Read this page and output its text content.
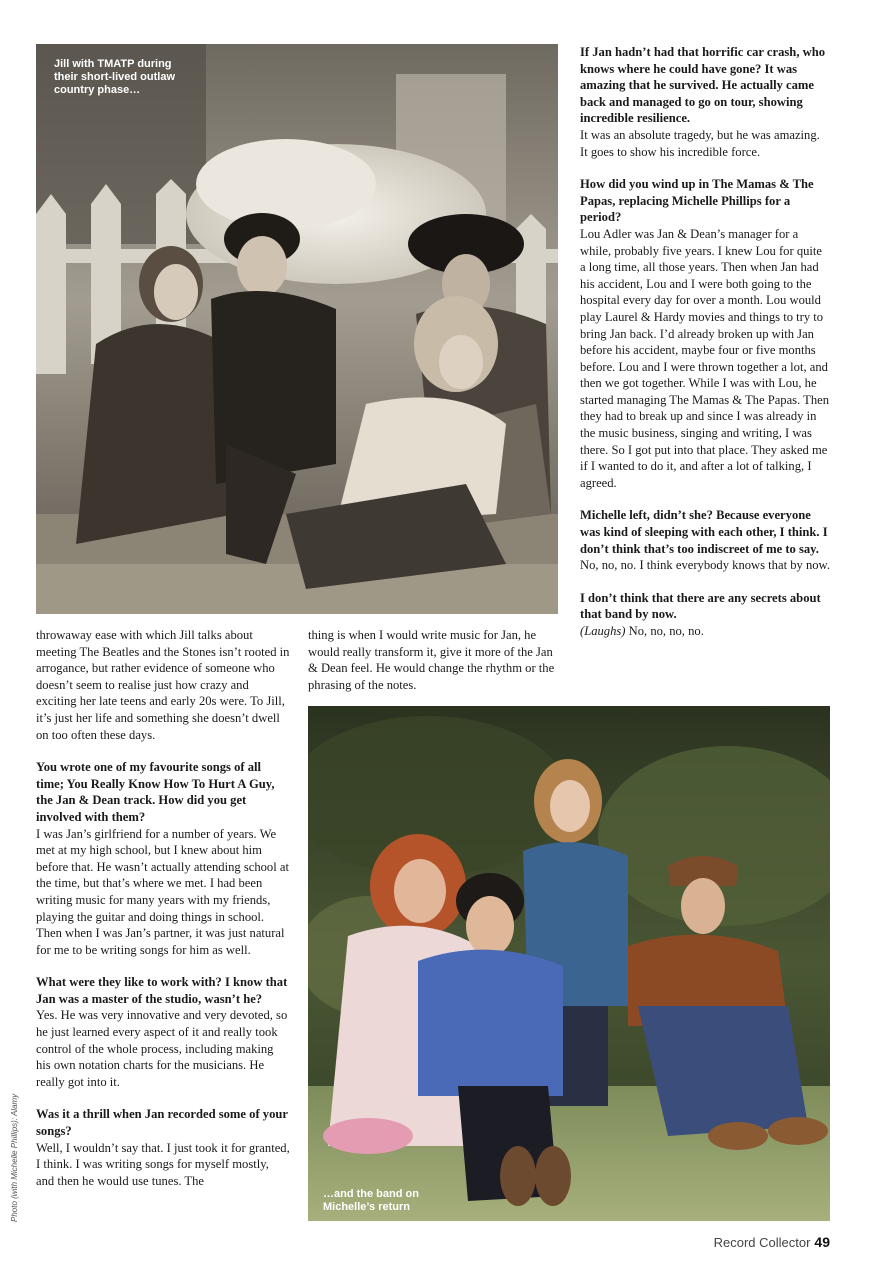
Jill with TMATP during their short-lived outlaw country phase…

throwaway ease with which Jill talks about meeting The Beatles and the Stones isn’t rooted in arrogance, but rather evidence of someone who doesn’t seem to realise just how crazy and exciting her late teens and early 20s were. To Jill, it’s just her life and something she doesn’t dwell on too often these days.

You wrote one of my favourite songs of all time; You Really Know How To Hurt A Guy, the Jan & Dean track. How did you get involved with them?
I was Jan’s girlfriend for a number of years. We met at my high school, but I knew about him before that. He wasn’t actually attending school at the time, but that’s where we met. I had been writing music for many years with my friends, playing the guitar and doing things in school. Then when I was Jan’s partner, it was just natural for me to be writing songs for him as well.

What were they like to work with? I know that Jan was a master of the studio, wasn’t he?
Yes. He was very innovative and very devoted, so he just learned every aspect of it and really took control of the whole process, including making his own notation charts for the musicians. He really got into it.

Was it a thrill when Jan recorded some of your songs?
Well, I wouldn’t say that. I just took it for granted, I think. I was writing songs for myself mostly, and then he would use tunes. The

thing is when I would write music for Jan, he would really transform it, give it more of the Jan & Dean feel. He would change the rhythm or the phrasing of the notes.

If Jan hadn’t had that horrific car crash, who knows where he could have gone? It was amazing that he survived. He actually came back and managed to go on tour, showing incredible resilience.
It was an absolute tragedy, but he was amazing. It goes to show his incredible force.

How did you wind up in The Mamas & The Papas, replacing Michelle Phillips for a period?
Lou Adler was Jan & Dean’s manager for a while, probably five years. I knew Lou for quite a long time, all those years. Then when Jan had his accident, Lou and I were both going to the hospital every day for over a month. Lou would play Laurel & Hardy movies and things to try to bring Jan back. I’d already broken up with Jan before his accident, maybe four or five months before. Lou and I were thrown together a lot, and then we got together. While I was with Lou, he started managing The Mamas & The Papas. Then they had to break up and since I was already in the music business, singing and writing, I was there. So I got put into that place. They asked me if I wanted to do it, and after a lot of talking, I agreed.

Michelle left, didn’t she? Because everyone was kind of sleeping with each other, I think. I don’t think that’s too indiscreet of me to say.
No, no, no. I think everybody knows that by now.

I don’t think that there are any secrets about that band by now.
(Laughs) No, no, no, no.

…and the band on Michelle’s return
Photo (with Michelle Phillips): Alamy
Record Collector 49
